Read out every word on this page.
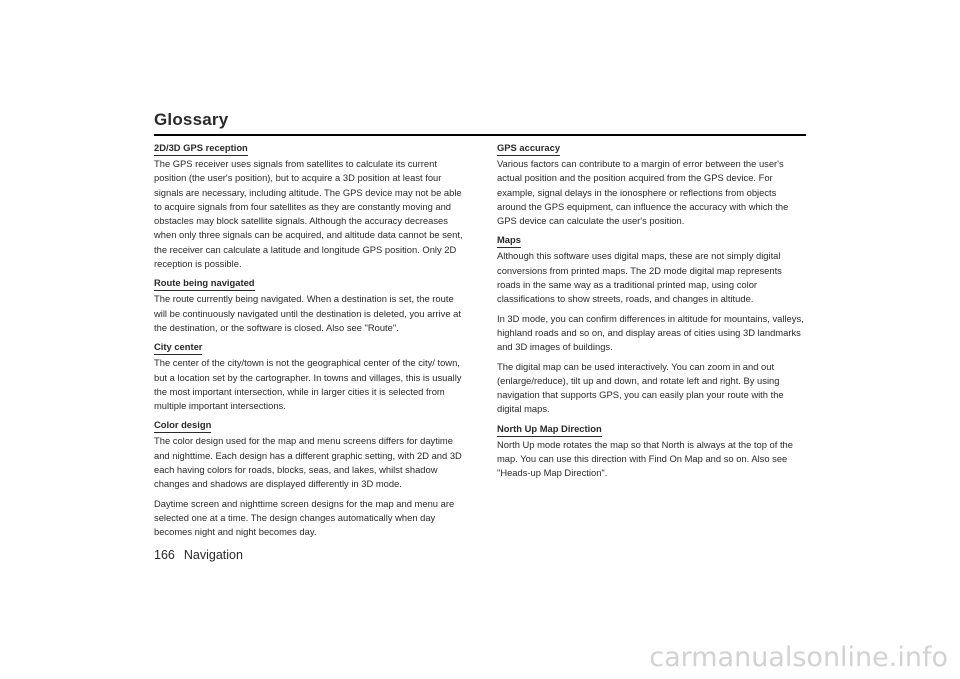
Glossary
2D/3D GPS reception

The GPS receiver uses signals from satellites to calculate its current position (the user's position), but to acquire a 3D position at least four signals are necessary, including altitude. The GPS device may not be able to acquire signals from four satellites as they are constantly moving and obstacles may block satellite signals. Although the accuracy decreases when only three signals can be acquired, and altitude data cannot be sent, the receiver can calculate a latitude and longitude GPS position. Only 2D reception is possible.

Route being navigated

The route currently being navigated. When a destination is set, the route will be continuously navigated until the destination is deleted, you arrive at the destination, or the software is closed. Also see "Route".

City center

The center of the city/town is not the geographical center of the city/ town, but a location set by the cartographer. In towns and villages, this is usually the most important intersection, while in larger cities it is selected from multiple important intersections.

Color design

The color design used for the map and menu screens differs for daytime and nighttime. Each design has a different graphic setting, with 2D and 3D each having colors for roads, blocks, seas, and lakes, whilst shadow changes and shadows are displayed differently in 3D mode.

Daytime screen and nighttime screen designs for the map and menu are selected one at a time. The design changes automatically when day becomes night and night becomes day.

GPS accuracy

Various factors can contribute to a margin of error between the user's actual position and the position acquired from the GPS device. For example, signal delays in the ionosphere or reflections from objects around the GPS equipment, can influence the accuracy with which the GPS device can calculate the user's position.

Maps

Although this software uses digital maps, these are not simply digital conversions from printed maps. The 2D mode digital map represents roads in the same way as a traditional printed map, using color classifications to show streets, roads, and changes in altitude.

In 3D mode, you can confirm differences in altitude for mountains, valleys, highland roads and so on, and display areas of cities using 3D landmarks and 3D images of buildings.

The digital map can be used interactively. You can zoom in and out (enlarge/reduce), tilt up and down, and rotate left and right. By using navigation that supports GPS, you can easily plan your route with the digital maps.

North Up Map Direction

North Up mode rotates the map so that North is always at the top of the map. You can use this direction with Find On Map and so on. Also see "Heads-up Map Direction".

166 Navigation
carmanualsonline.info
